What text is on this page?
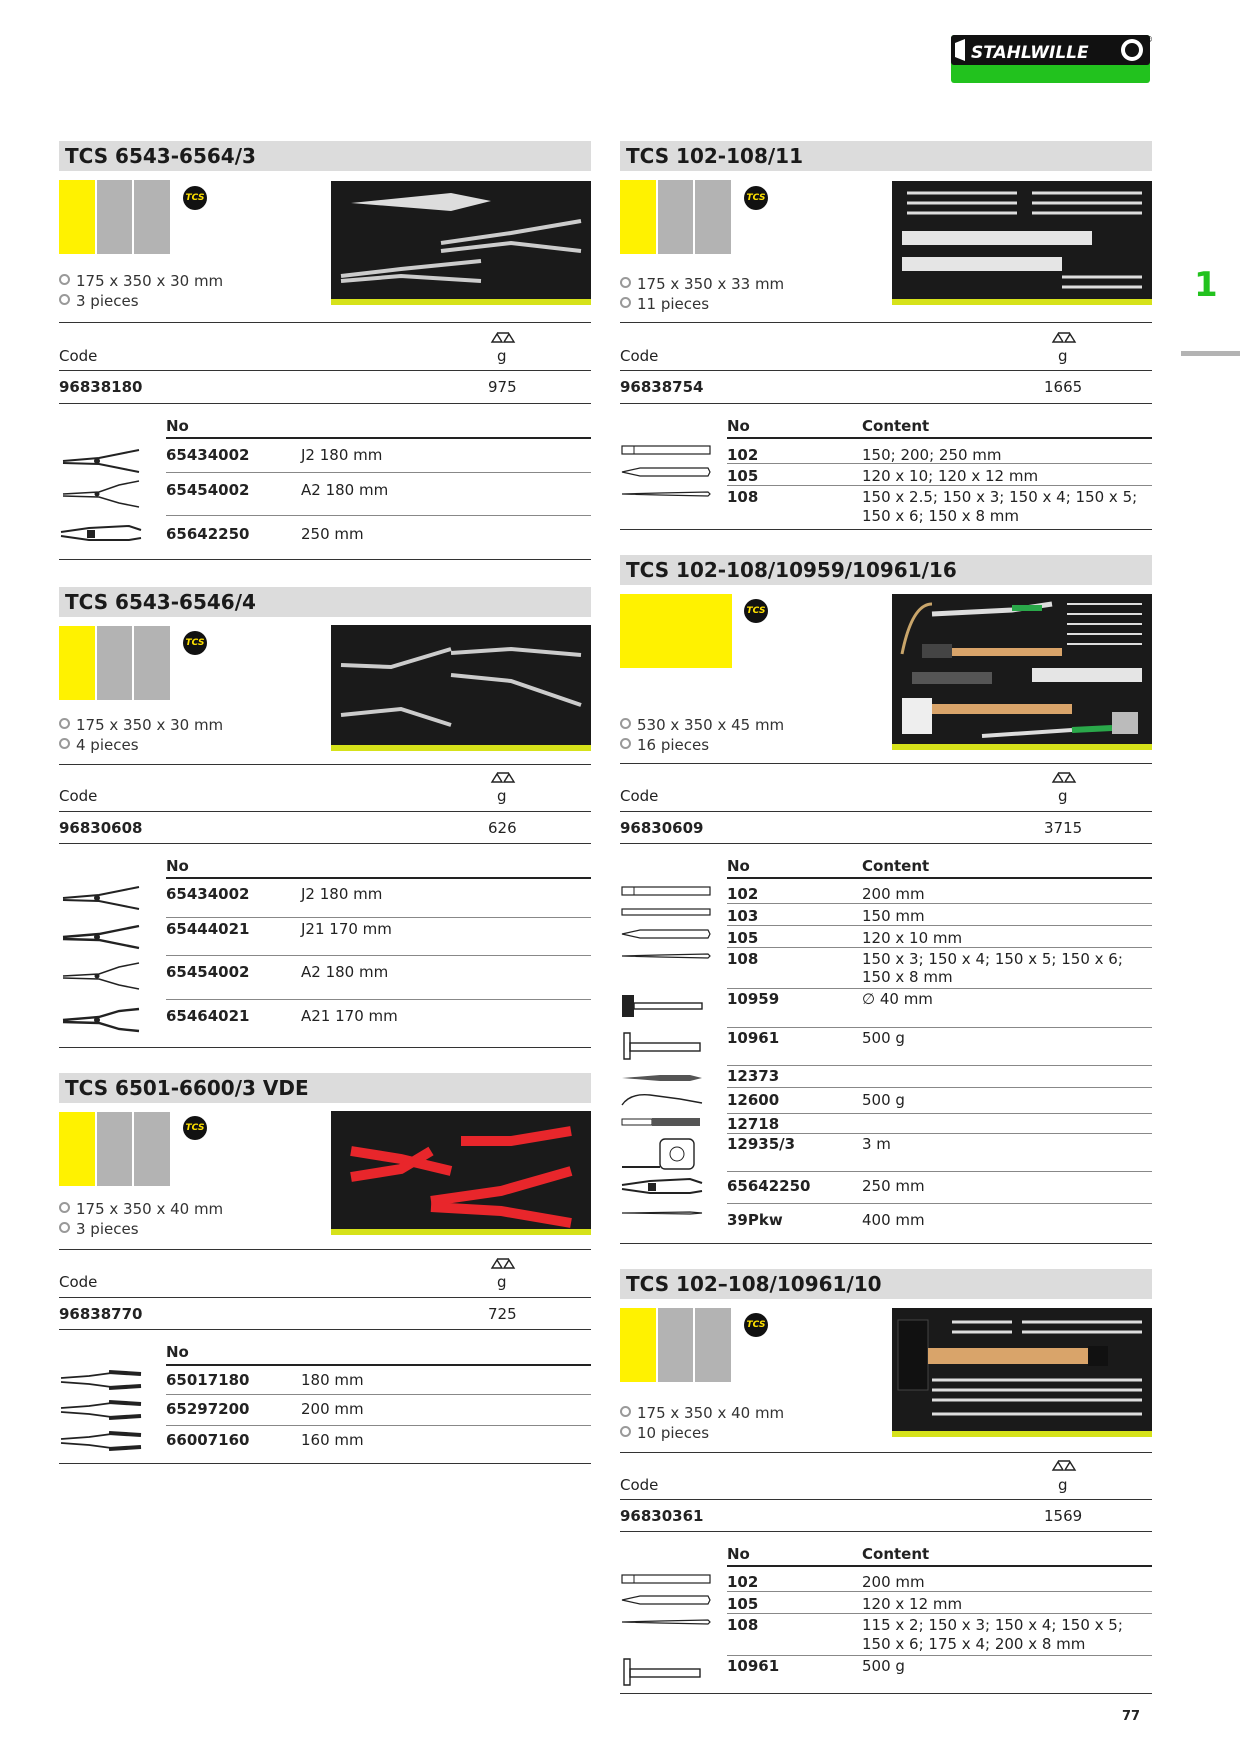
STAHLWILLE
®
1
TCS 6543-6564/3
TCS
175 x 350 x 30 mm
3 pieces
Code	g
96838180	975
No
65434002	J2 180 mm
65454002	A2 180 mm
65642250	250 mm
TCS 6543-6546/4
TCS
175 x 350 x 30 mm
4 pieces
Code	g
96830608	626
No
65434002	J2 180 mm
65444021	J21 170 mm
65454002	A2 180 mm
65464021	A21 170 mm
TCS 6501-6600/3 VDE
TCS
175 x 350 x 40 mm
3 pieces
Code	g
96838770	725
No
65017180	180 mm
65297200	200 mm
66007160	160 mm
TCS 102-108/11
TCS
175 x 350 x 33 mm
11 pieces
Code	g
96838754	1665
No	Content
102	150; 200; 250 mm
105	120 x 10; 120 x 12 mm
108	150 x 2.5; 150 x 3; 150 x 4; 150 x 5;
150 x 6; 150 x 8 mm
TCS 102-108/10959/10961/16
TCS
530 x 350 x 45 mm
16 pieces
Code	g
96830609	3715
No	Content
102	200 mm
103	150 mm
105	120 x 10 mm
108	150 x 3; 150 x 4; 150 x 5; 150 x 6;
150 x 8 mm
10959	∅ 40 mm
10961	500 g
12373
12600	500 g
12718
12935/3	3 m
65642250	250 mm
39Pkw	400 mm
TCS 102–108/10961/10
TCS
175 x 350 x 40 mm
10 pieces
Code	g
96830361	1569
No	Content
102	200 mm
105	120 x 12 mm
108	115 x 2; 150 x 3; 150 x 4; 150 x 5;
150 x 6; 175 x 4; 200 x 8 mm
10961	500 g
77
